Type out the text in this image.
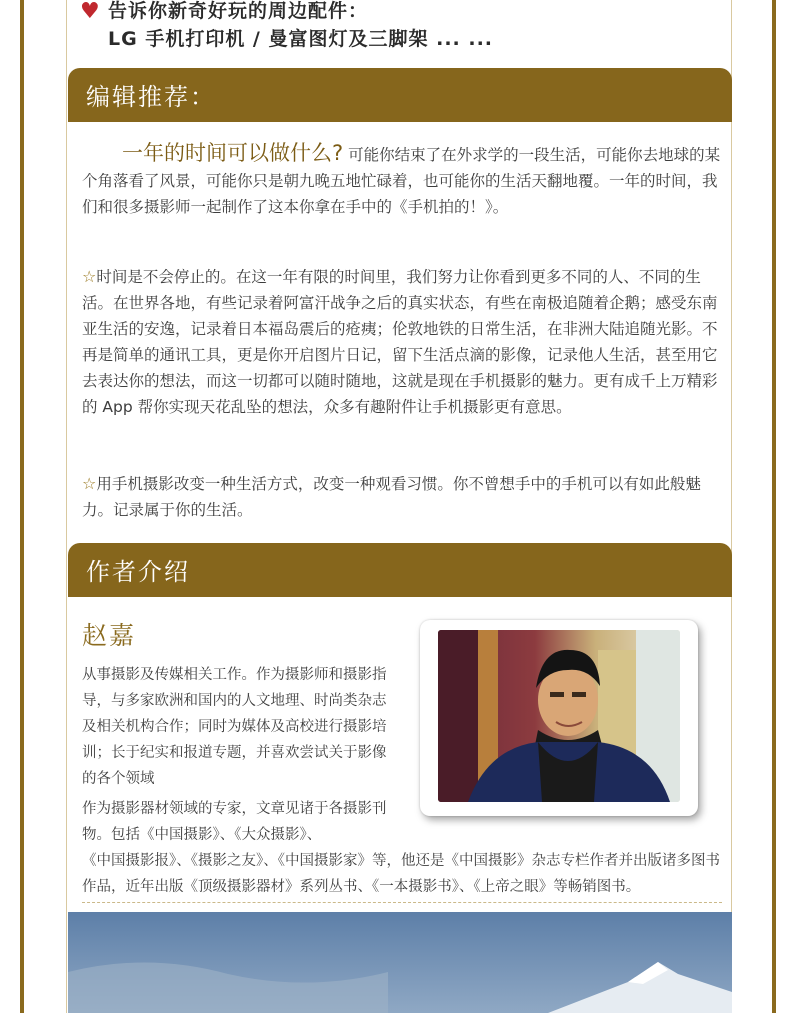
♥ 告诉你新奇好玩的周边配件：
LG 手机打印机 / 曼富图灯及三脚架 ... ...
编辑推荐：
一年的时间可以做什么? 可能你结束了在外求学的一段生活，可能你去地球的某个角落看了风景，可能你只是朝九晚五地忙碌着，也可能你的生活天翻地覆。一年的时间，我们和很多摄影师一起制作了这本你拿在手中的《手机拍的！》。
☆时间是不会停止的。在这一年有限的时间里，我们努力让你看到更多不同的人、不同的生活。在世界各地，有些记录着阿富汗战争之后的真实状态，有些在南极追随着企鹅；感受东南亚生活的安逸，记录着日本福岛震后的疮痍；伦敦地铁的日常生活，在非洲大陆追随光影。不再是简单的通讯工具，更是你开启图片日记，留下生活点滴的影像，记录他人生活，甚至用它去表达你的想法，而这一切都可以随时随地，这就是现在手机摄影的魅力。更有成千上万精彩的 App 帮你实现天花乱坠的想法，众多有趣附件让手机摄影更有意思。
☆用手机摄影改变一种生活方式，改变一种观看习惯。你不曾想手中的手机可以有如此般魅力。记录属于你的生活。
作者介绍
赵嘉
从事摄影及传媒相关工作。作为摄影师和摄影指导，与多家欧洲和国内的人文地理、时尚类杂志及相关机构合作；同时为媒体及高校进行摄影培训；长于纪实和报道专题，并喜欢尝试关于影像的各个领域
作为摄影器材领域的专家，文章见诸于各摄影刊物。包括《中国摄影》、《大众摄影》、
《中国摄影报》、《摄影之友》、《中国摄影家》等，他还是《中国摄影》杂志专栏作者并出版诸多图书作品，近年出版《顶级摄影器材》系列丛书、《一本摄影书》、《上帝之眼》等畅销图书。
